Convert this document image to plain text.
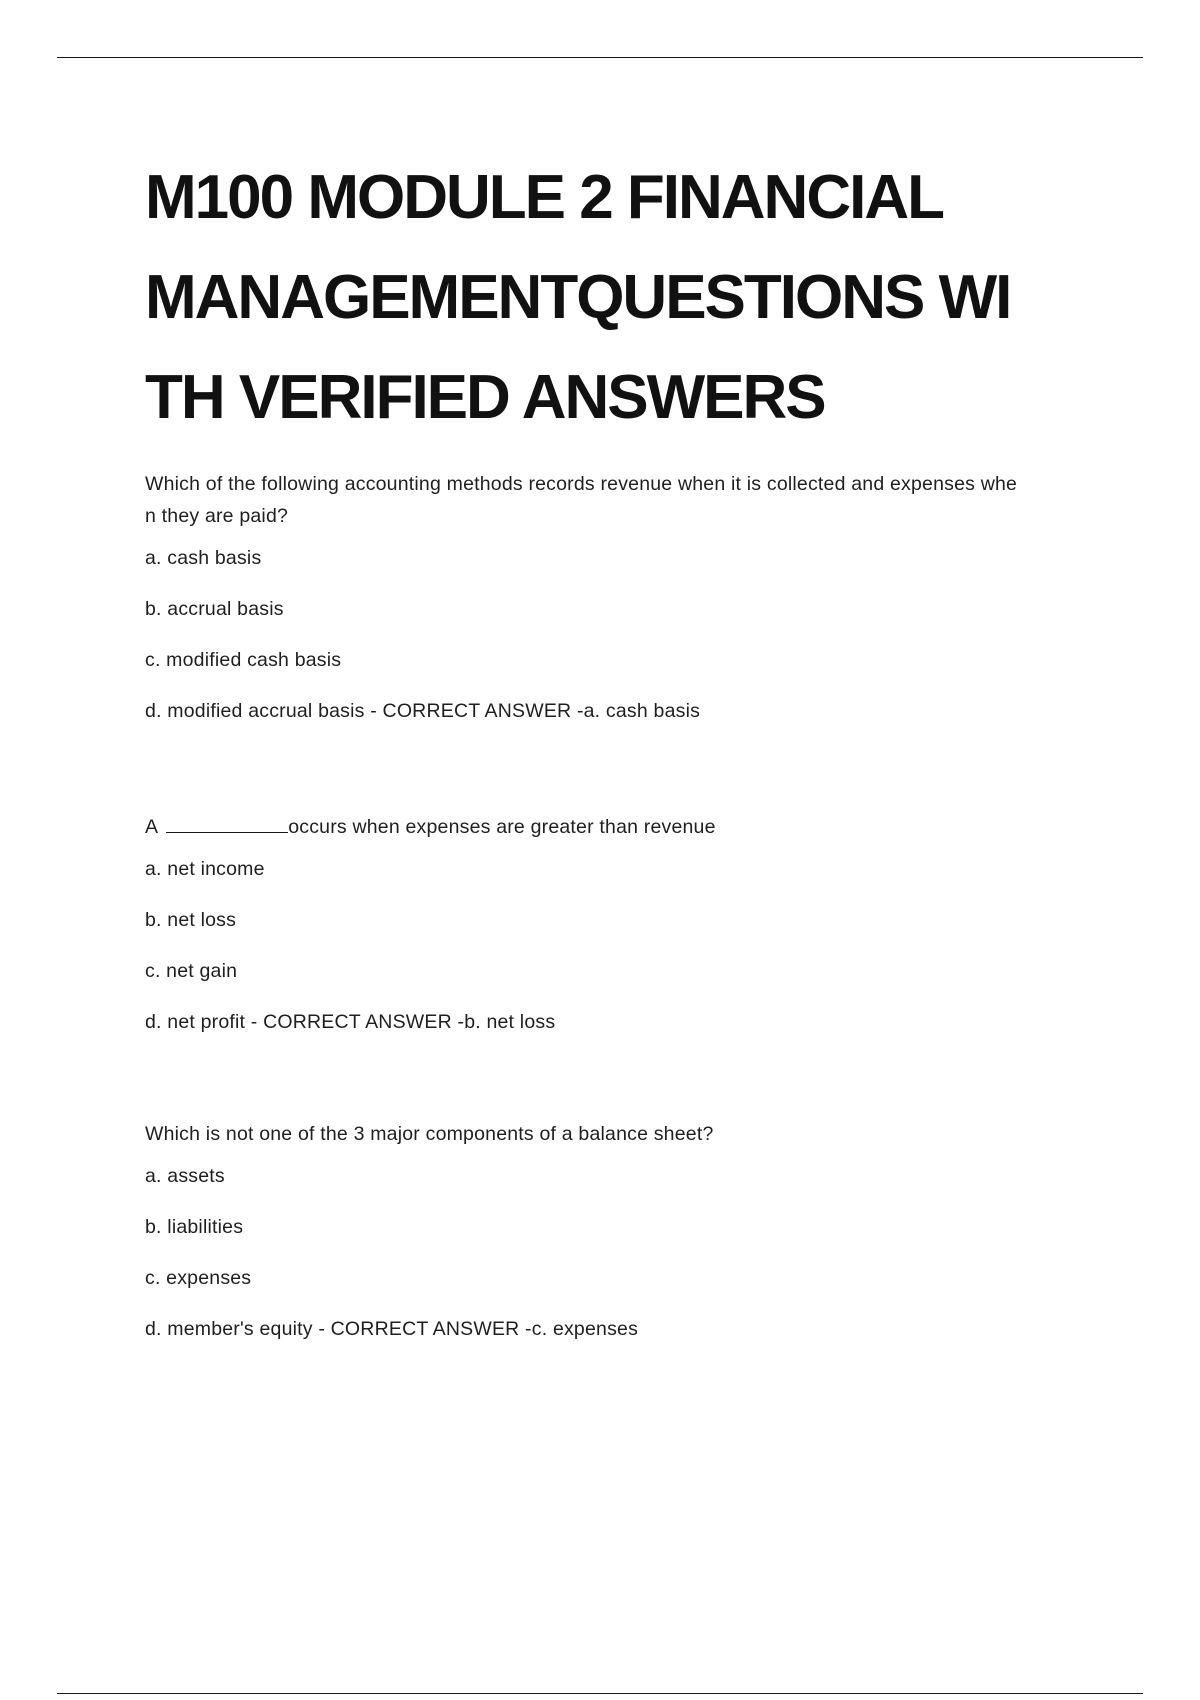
M100 MODULE 2 FINANCIAL
MANAGEMENTQUESTIONS WI
TH VERIFIED ANSWERS
Which of the following accounting methods records revenue when it is collected and expenses whe
n they are paid?
a. cash basis
b. accrual basis
c. modified cash basis
d. modified accrual basis - CORRECT ANSWER -a. cash basis
A	occurs when expenses are greater than revenue
a. net income
b. net loss
c. net gain
d. net profit - CORRECT ANSWER -b. net loss
Which is not one of the 3 major components of a balance sheet?
a. assets
b. liabilities
c. expenses
d. member's equity - CORRECT ANSWER -c. expenses
